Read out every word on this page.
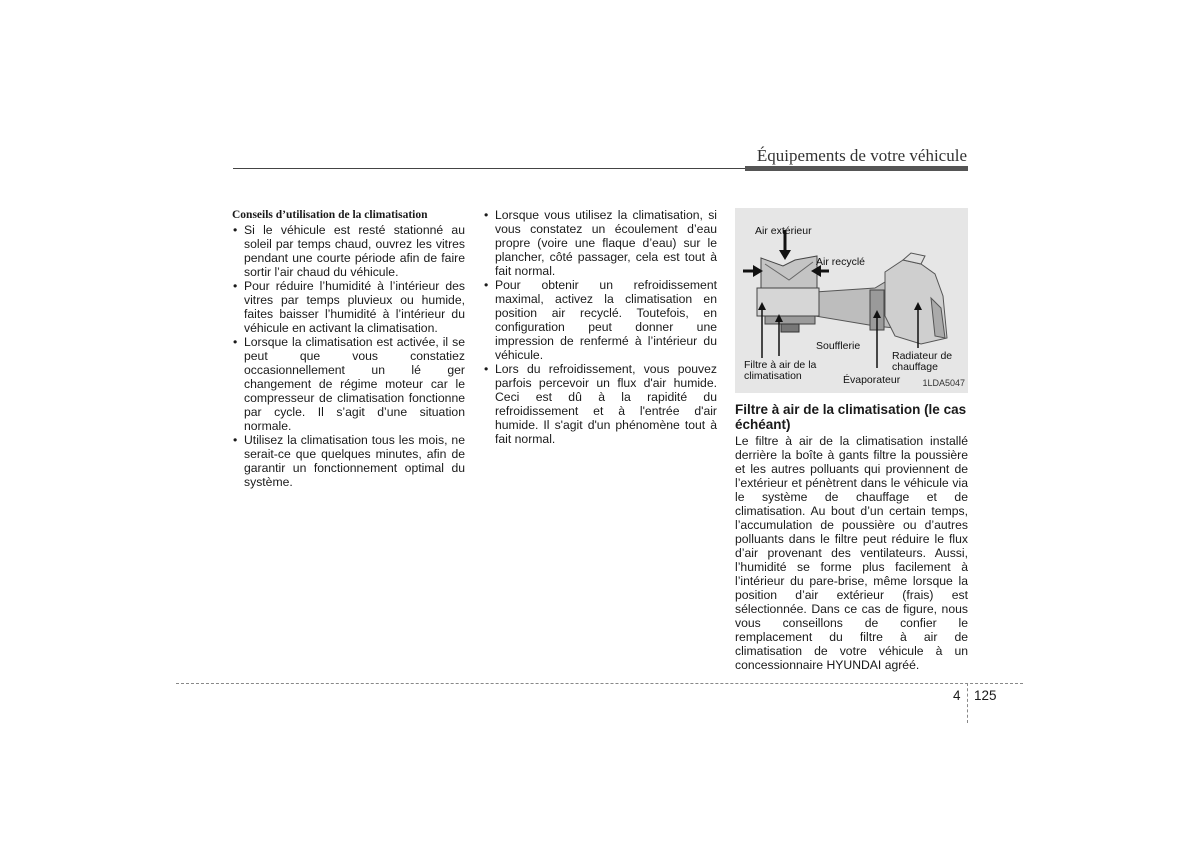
Équipements de votre véhicule
Conseils d’utilisation de la climatisation
• Si le véhicule est resté stationné au soleil par temps chaud, ouvrez les vitres pendant une courte période afin de faire sortir l’air chaud du véhicule.
• Pour réduire l’humidité à l’intérieur des vitres par temps pluvieux ou humide, faites baisser l’humidité à l’intérieur du véhicule en activant la climatisation.
• Lorsque la climatisation est activée, il se peut que vous constatiez occasionnellement un lé ger changement de régime moteur car le compresseur de climatisation fonctionne par cycle. Il s’agit d’une situation normale.
• Utilisez la climatisation tous les mois, ne serait-ce que quelques minutes, afin de garantir un fonctionnement optimal du système.
• Lorsque vous utilisez la climatisation, si vous constatez un écoulement d’eau propre (voire une flaque d’eau) sur le plancher, côté passager, cela est tout à fait normal.
• Pour obtenir un refroidissement maximal, activez la climatisation en position air recyclé. Toutefois, en configuration peut donner une impression de renfermé à l’intérieur du véhicule.
• Lors du refroidissement, vous pouvez parfois percevoir un flux d'air humide. Ceci est dû à la rapidité du refroidissement et à l'entrée d'air humide. Il s'agit d'un phénomène tout à fait normal.
Air extérieur
Air recyclé
Soufflerie
Filtre à air de la climatisation
Radiateur de chauffage
Évaporateur 1LDA5047
Filtre à air de la climatisation (le cas échéant)
Le filtre à air de la climatisation installé derrière la boîte à gants filtre la poussière et les autres polluants qui proviennent de l’extérieur et pénètrent dans le véhicule via le système de chauffage et de climatisation. Au bout d’un certain temps, l’accumulation de poussière ou d’autres polluants dans le filtre peut réduire le flux d’air provenant des ventilateurs. Aussi, l’humidité se forme plus facilement à l’intérieur du pare-brise, même lorsque la position d’air extérieur (frais) est sélectionnée. Dans ce cas de figure, nous vous conseillons de confier le remplacement du filtre à air de climatisation de votre véhicule à un concessionnaire HYUNDAI agréé.
4 125
